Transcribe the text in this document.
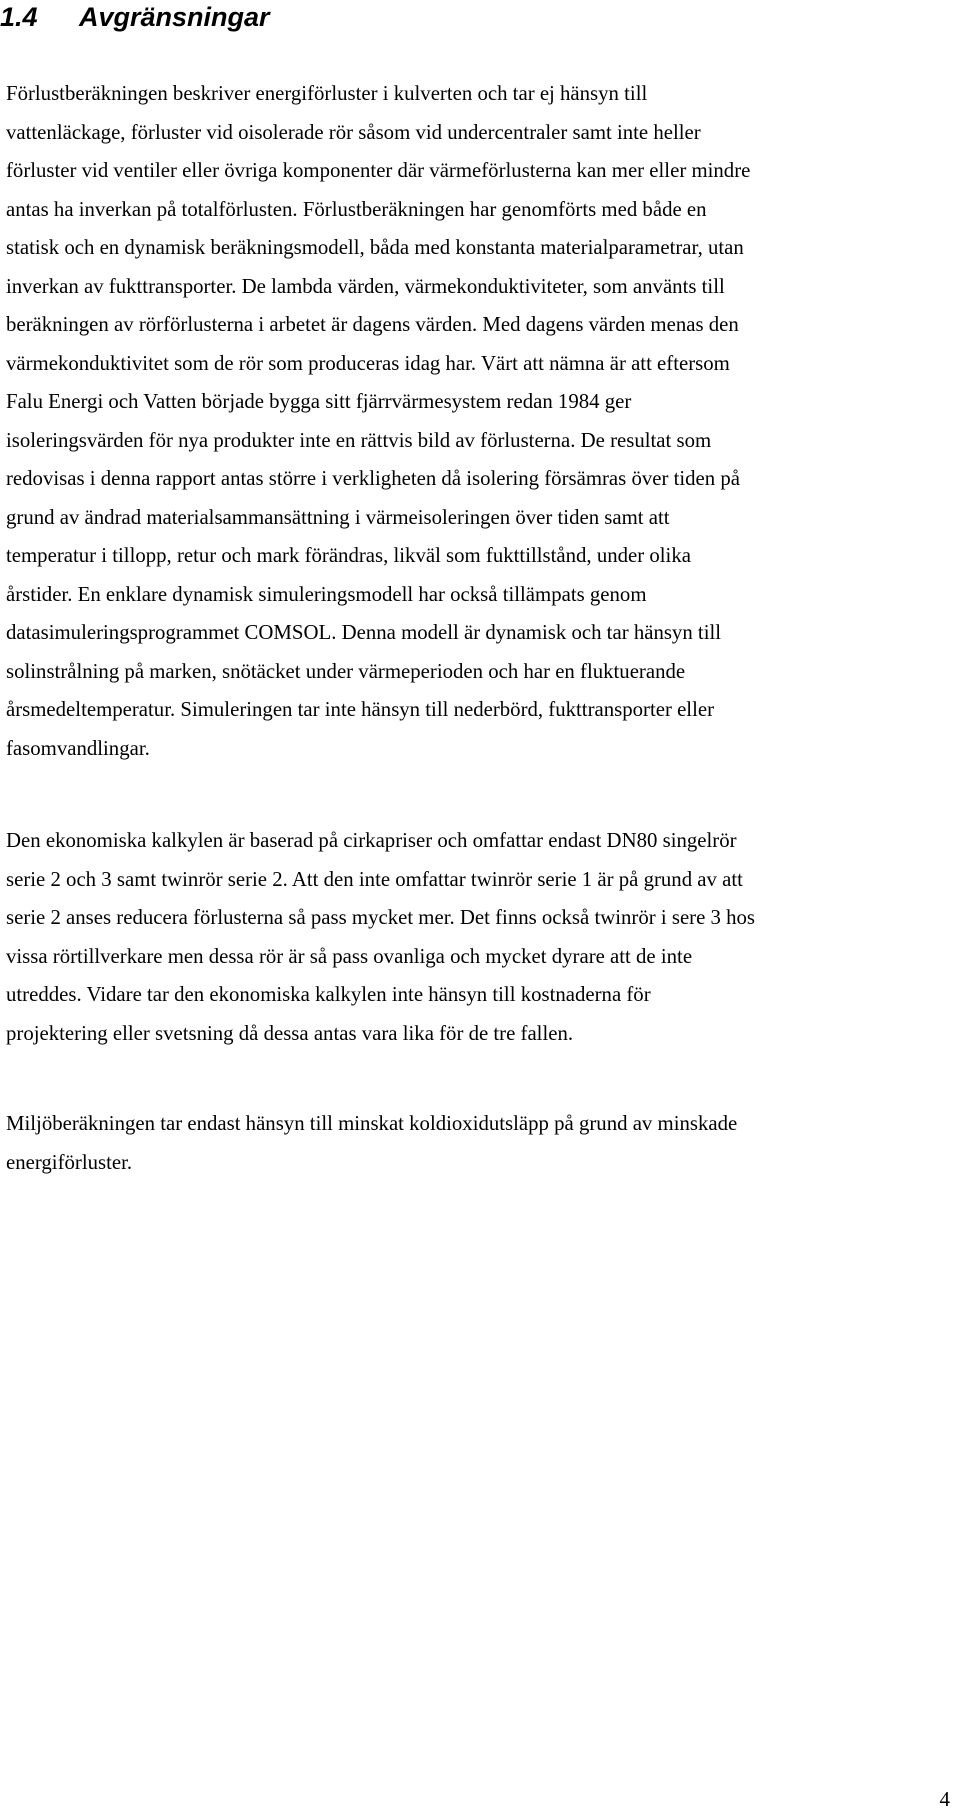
1.4 Avgränsningar
Förlustberäkningen beskriver energiförluster i kulverten och tar ej hänsyn till
vattenläckage, förluster vid oisolerade rör såsom vid undercentraler samt inte heller
förluster vid ventiler eller övriga komponenter där värmeförlusterna kan mer eller mindre
antas ha inverkan på totalförlusten. Förlustberäkningen har genomförts med både en
statisk och en dynamisk beräkningsmodell, båda med konstanta materialparametrar, utan
inverkan av fukttransporter. De lambda värden, värmekonduktiviteter, som använts till
beräkningen av rörförlusterna i arbetet är dagens värden. Med dagens värden menas den
värmekonduktivitet som de rör som produceras idag har. Värt att nämna är att eftersom
Falu Energi och Vatten började bygga sitt fjärrvärmesystem redan 1984 ger
isoleringsvärden för nya produkter inte en rättvis bild av förlusterna. De resultat som
redovisas i denna rapport antas större i verkligheten då isolering försämras över tiden på
grund av ändrad materialsammansättning i värmeisoleringen över tiden samt att
temperatur i tillopp, retur och mark förändras, likväl som fukttillstånd, under olika
årstider. En enklare dynamisk simuleringsmodell har också tillämpats genom
datasimuleringsprogrammet COMSOL. Denna modell är dynamisk och tar hänsyn till
solinstrålning på marken, snötäcket under värmeperioden och har en fluktuerande
årsmedeltemperatur. Simuleringen tar inte hänsyn till nederbörd, fukttransporter eller
fasomvandlingar.
Den ekonomiska kalkylen är baserad på cirkapriser och omfattar endast DN80 singelrör
serie 2 och 3 samt twinrör serie 2. Att den inte omfattar twinrör serie 1 är på grund av att
serie 2 anses reducera förlusterna så pass mycket mer. Det finns också twinrör i sere 3 hos
vissa rörtillverkare men dessa rör är så pass ovanliga och mycket dyrare att de inte
utreddes. Vidare tar den ekonomiska kalkylen inte hänsyn till kostnaderna för
projektering eller svetsning då dessa antas vara lika för de tre fallen.
Miljöberäkningen tar endast hänsyn till minskat koldioxidutsläpp på grund av minskade
energiförluster.
4
